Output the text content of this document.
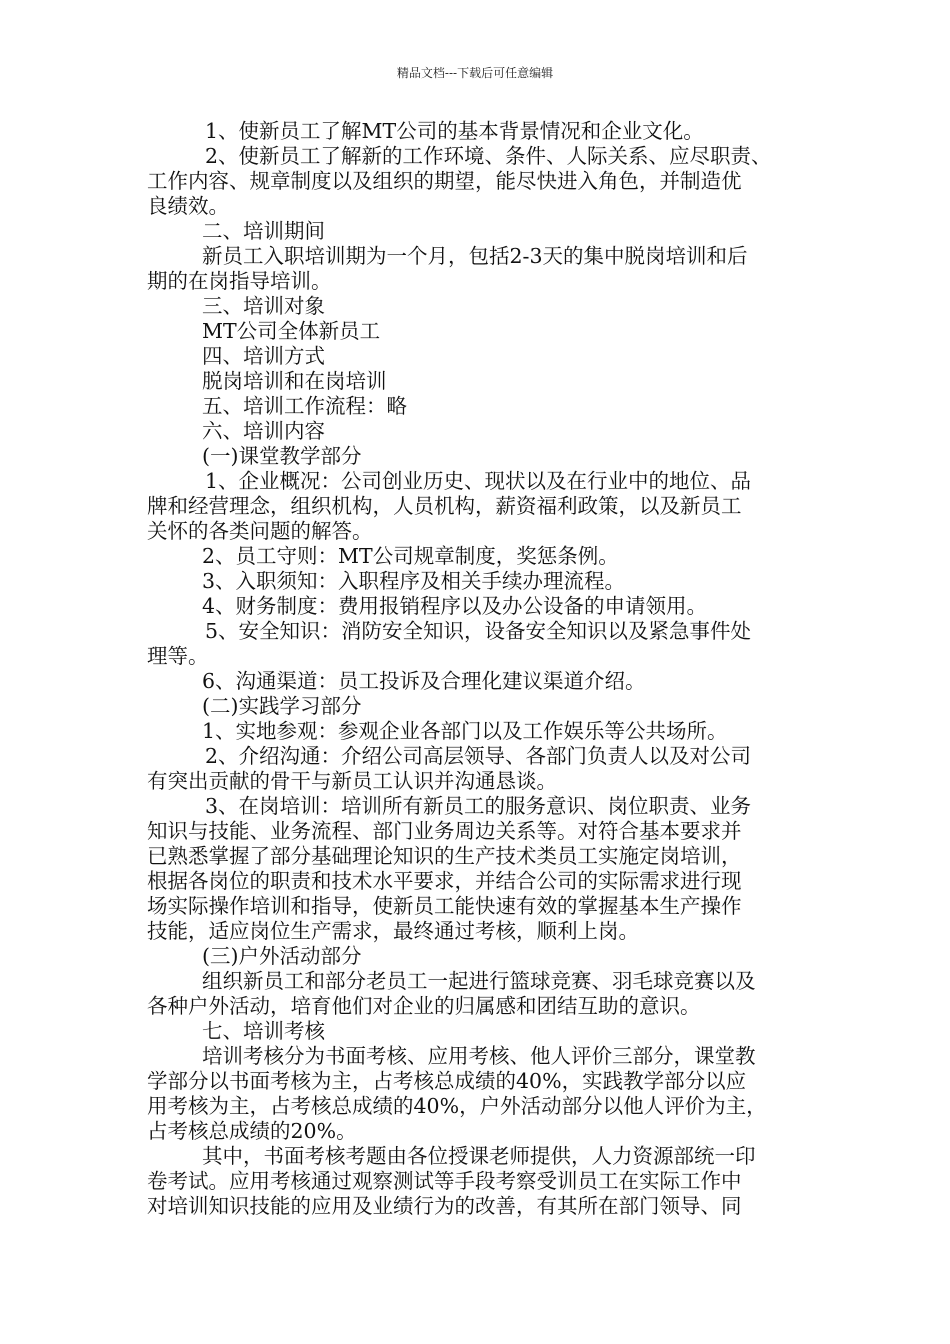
精品文档---下载后可任意编辑
1、使新员工了解MT公司的基本背景情况和企业文化。
2、使新员工了解新的工作环境、条件、人际关系、应尽职责、
工作内容、规章制度以及组织的期望，能尽快进入角色，并制造优
良绩效。
二、培训期间
新员工入职培训期为一个月，包括2-3天的集中脱岗培训和后
期的在岗指导培训。
三、培训对象
MT公司全体新员工
四、培训方式
脱岗培训和在岗培训
五、培训工作流程：略
六、培训内容
(一)课堂教学部分
1、企业概况：公司创业历史、现状以及在行业中的地位、品
牌和经营理念，组织机构，人员机构，薪资福利政策，以及新员工
关怀的各类问题的解答。
2、员工守则：MT公司规章制度，奖惩条例。
3、入职须知：入职程序及相关手续办理流程。
4、财务制度：费用报销程序以及办公设备的申请领用。
5、安全知识：消防安全知识，设备安全知识以及紧急事件处
理等。
6、沟通渠道：员工投诉及合理化建议渠道介绍。
(二)实践学习部分
1、实地参观：参观企业各部门以及工作娱乐等公共场所。
2、介绍沟通：介绍公司高层领导、各部门负责人以及对公司
有突出贡献的骨干与新员工认识并沟通恳谈。
3、在岗培训：培训所有新员工的服务意识、岗位职责、业务
知识与技能、业务流程、部门业务周边关系等。对符合基本要求并
已熟悉掌握了部分基础理论知识的生产技术类员工实施定岗培训，
根据各岗位的职责和技术水平要求，并结合公司的实际需求进行现
场实际操作培训和指导，使新员工能快速有效的掌握基本生产操作
技能，适应岗位生产需求，最终通过考核，顺利上岗。
(三)户外活动部分
组织新员工和部分老员工一起进行篮球竞赛、羽毛球竞赛以及
各种户外活动，培育他们对企业的归属感和团结互助的意识。
七、培训考核
培训考核分为书面考核、应用考核、他人评价三部分，课堂教
学部分以书面考核为主，占考核总成绩的40%，实践教学部分以应
用考核为主，占考核总成绩的40%，户外活动部分以他人评价为主，
占考核总成绩的20%。
其中，书面考核考题由各位授课老师提供，人力资源部统一印
卷考试。应用考核通过观察测试等手段考察受训员工在实际工作中
对培训知识技能的应用及业绩行为的改善，有其所在部门领导、同
